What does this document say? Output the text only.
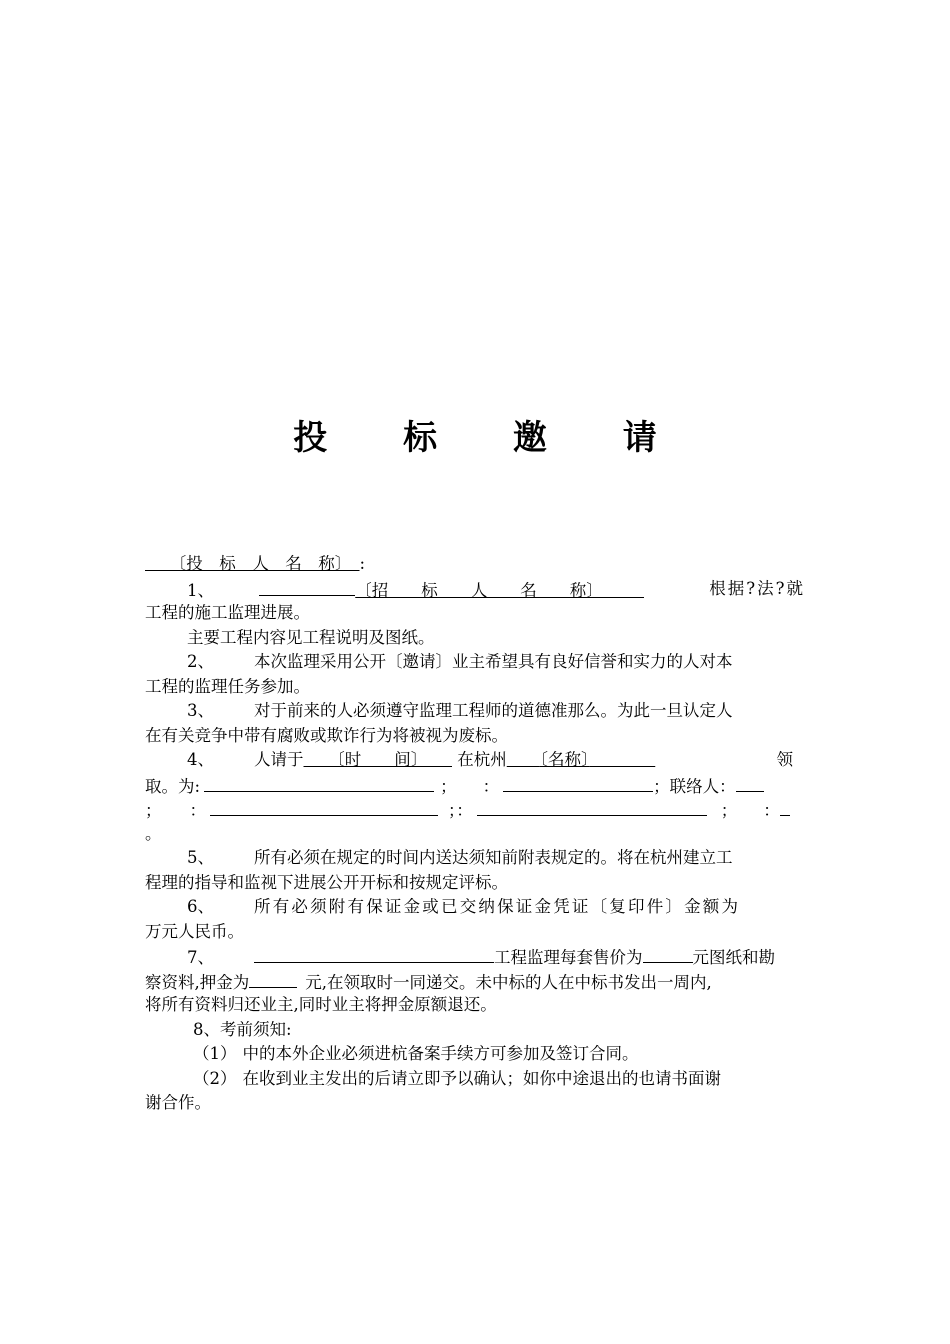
投 标 邀 请
　　〔投　标　人　名　称〕　 :
1、	〔招　　标　　人　　名　　称〕　　　	根据?法?就
工程的施工监理进展。
主要工程内容见工程说明及图纸。
2、 本次监理采用公开〔邀请〕业主希望具有良好信誉和实力的人对本
工程的监理任务参加。
3、 对于前来的人必须遵守监理工程师的道德准那么。为此一旦认定人
在有关竞争中带有腐败或欺诈行为将被视为废标。
4、 人请于　　 〔时　　间〕　　 在杭州　　 〔名称〕　　　　	领
取。为:	； ：	；联络人：
； ：	；：	； ：
。
5、 所有必须在规定的时间内送达须知前附表规定的。将在杭州建立工
程理的指导和监视下进展公开开标和按规定评标。
6、 所有必须附有保证金或已交纳保证金凭证〔复印件〕金额为
万元人民币。
7、	工程监理每套售价为	元图纸和勘
察资料,押金为	元,在领取时一同递交。未中标的人在中标书发出一周内,
将所有资料归还业主,同时业主将押金原额退还。
8、考前须知:
（1） 中的本外企业必须进杭备案手续方可参加及签订合同。
（2） 在收到业主发出的后请立即予以确认；如你中途退出的也请书面谢
谢合作。
